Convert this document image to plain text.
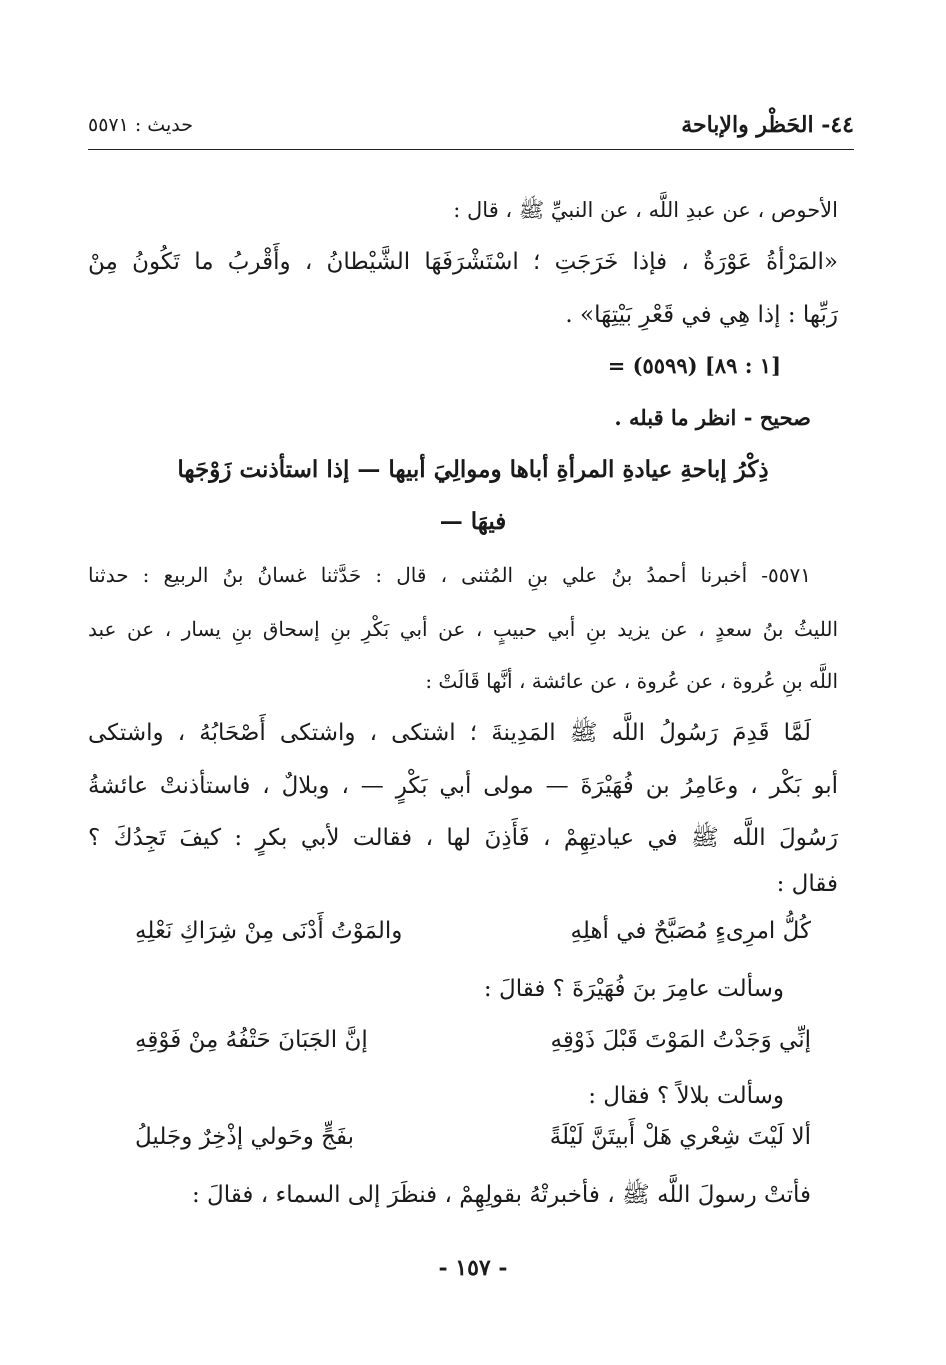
٤٤- الحَظْر والإباحة
حديث : ٥٥٧١
الأحوص ، عن عبدِ اللَّه ، عن النبيِّ ﷺ ، قال :
«المَرْأةُ عَوْرَةٌ ، فإذا خَرَجَتِ ؛ اسْتَشْرَفَهَا الشَّيْطانُ ، وأَقْربُ ما تَكُونُ مِنْ
رَبِّها : إذا هِي في قَعْرِ بَيْتِهَا» .
= (٥٥٩٩) [١ : ٨٩]
صحيح - انظر ما قبله .
ذِكْرُ إباحةِ عيادةِ المرأةِ أباها وموالِيَ أبيها — إذا استأذنت زَوْجَها
فيهَا —
٥٥٧١- أخبرنا أحمدُ بنُ علي بنِ المُثنى ، قال : حَدَّثنا غسانُ بنُ الربيع : حدثنا
الليثُ بنُ سعدٍ ، عن يزيد بنِ أبي حبيبٍ ، عن أبي بَكْرِ بنِ إسحاق بنِ يسار ، عن عبد
اللَّه بنِ عُروة ، عن عُروة ، عن عائشة ، أنَّها قَالَتْ :
لَمَّا قَدِمَ رَسُولُ اللَّه ﷺ المَدِينةَ ؛ اشتكى ، واشتكى أَصْحَابُهُ ، واشتكى
أبو بَكْر ، وعَامِرُ بن فُهَيْرَةَ — مولى أبي بَكْرٍ — ، وبلالٌ ، فاستأذنتْ عائشةُ
رَسُولَ اللَّه ﷺ في عيادتِهِمْ ، فَأَذِنَ لها ، فقالت لأبي بكرٍ : كيفَ تَجِدُكَ ؟
فقال :
كُلُّ امرِىءٍ مُصَبَّحٌ في أهلِهِ
والمَوْتُ أَدْنَى مِنْ شِرَاكِ نَعْلِهِ
وسألت عامِرَ بنَ فُهَيْرَةَ ؟ فقالَ :
إنِّي وَجَدْتُ المَوْتَ قَبْلَ ذَوْقِهِ
إنَّ الجَبَانَ حَتْفُهُ مِنْ فَوْقِهِ
وسألت بلالاً ؟ فقال :
ألا لَيْتَ شِعْري هَلْ أَبيتَنَّ لَيْلَةً
بفَجٍّ وحَولي إذْخِرٌ وجَليلُ
فأتتْ رسولَ اللَّه ﷺ ، فأخبرتْهُ بقولِهِمْ ، فنظَرَ إلى السماء ، فقالَ :
- ١٥٧ -
